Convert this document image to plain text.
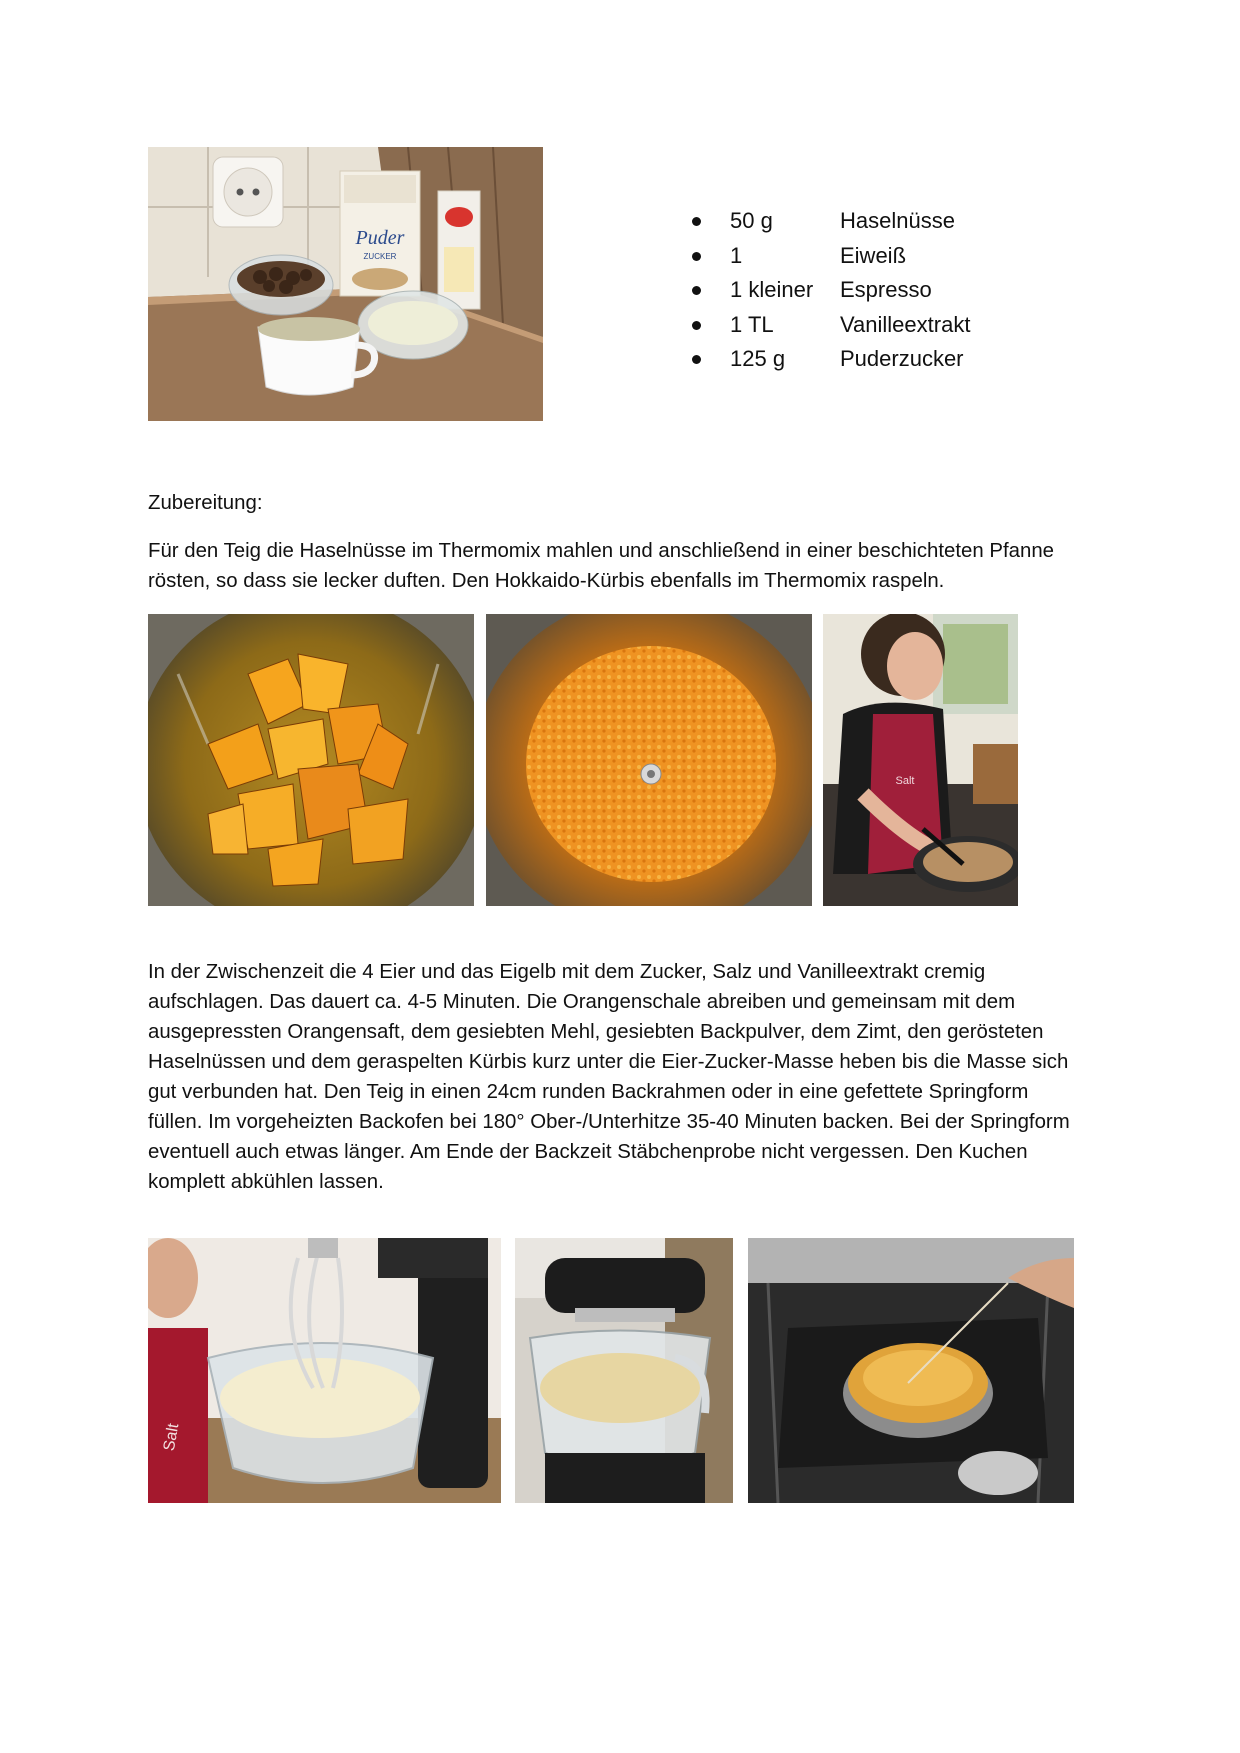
Puder
ZUCKER
50 g	Haselnüsse
1	Eiweiß
1 kleiner Espresso
1 TL	Vanilleextrakt
125 g Puderzucker

Zubereitung:

Für den Teig die Haselnüsse im Thermomix mahlen und anschließend in einer beschichteten Pfanne rösten, so dass sie lecker duften. Den Hokkaido-Kürbis ebenfalls im Thermomix raspeln.

Salt

In der Zwischenzeit die 4 Eier und das Eigelb mit dem Zucker, Salz und Vanilleextrakt cremig aufschlagen. Das dauert ca. 4-5 Minuten. Die Orangenschale abreiben und gemeinsam mit dem ausgepressten Orangensaft, dem gesiebten Mehl, gesiebten Backpulver, dem Zimt, den gerösteten Haselnüssen und dem geraspelten Kürbis kurz unter die Eier-Zucker-Masse heben bis die Masse sich gut verbunden hat. Den Teig in einen 24cm runden Backrahmen oder in eine gefettete Springform füllen. Im vorgeheizten Backofen bei 180° Ober-/Unterhitze 35-40 Minuten backen. Bei der Springform eventuell auch etwas länger. Am Ende der Backzeit Stäbchenprobe nicht vergessen. Den Kuchen komplett abkühlen lassen.

Salt
